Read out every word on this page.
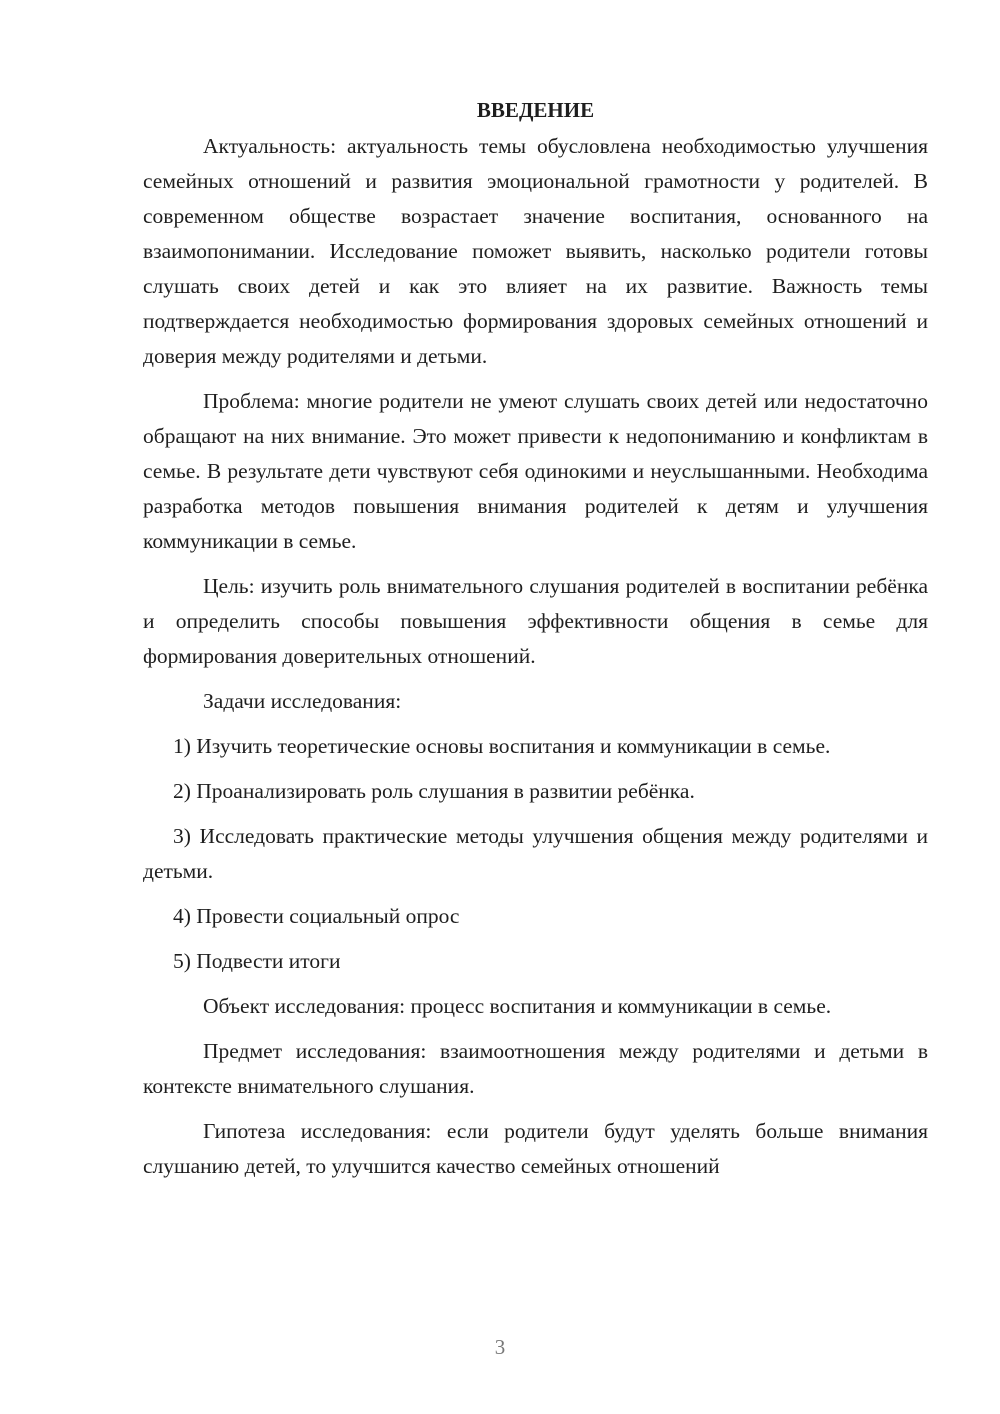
ВВЕДЕНИЕ

Актуальность: актуальность темы обусловлена необходимостью улучшения семейных отношений и развития эмоциональной грамотности у родителей. В современном обществе возрастает значение воспитания, основанного на взаимопонимании. Исследование поможет выявить, насколько родители готовы слушать своих детей и как это влияет на их развитие. Важность темы подтверждается необходимостью формирования здоровых семейных отношений и доверия между родителями и детьми.

Проблема: многие родители не умеют слушать своих детей или недостаточно обращают на них внимание. Это может привести к недопониманию и конфликтам в семье. В результате дети чувствуют себя одинокими и неуслышанными. Необходима разработка методов повышения внимания родителей к детям и улучшения коммуникации в семье.

Цель: изучить роль внимательного слушания родителей в воспитании ребёнка и определить способы повышения эффективности общения в семье для формирования доверительных отношений.

Задачи исследования:

1) Изучить теоретические основы воспитания и коммуникации в семье.

2) Проанализировать роль слушания в развитии ребёнка.

3) Исследовать практические методы улучшения общения между родителями и детьми.

4) Провести социальный опрос

5) Подвести итоги

Объект исследования: процесс воспитания и коммуникации в семье.

Предмет исследования: взаимоотношения между родителями и детьми в контексте внимательного слушания.

Гипотеза исследования: если родители будут уделять больше внимания слушанию детей, то улучшится качество семейных отношений

3
